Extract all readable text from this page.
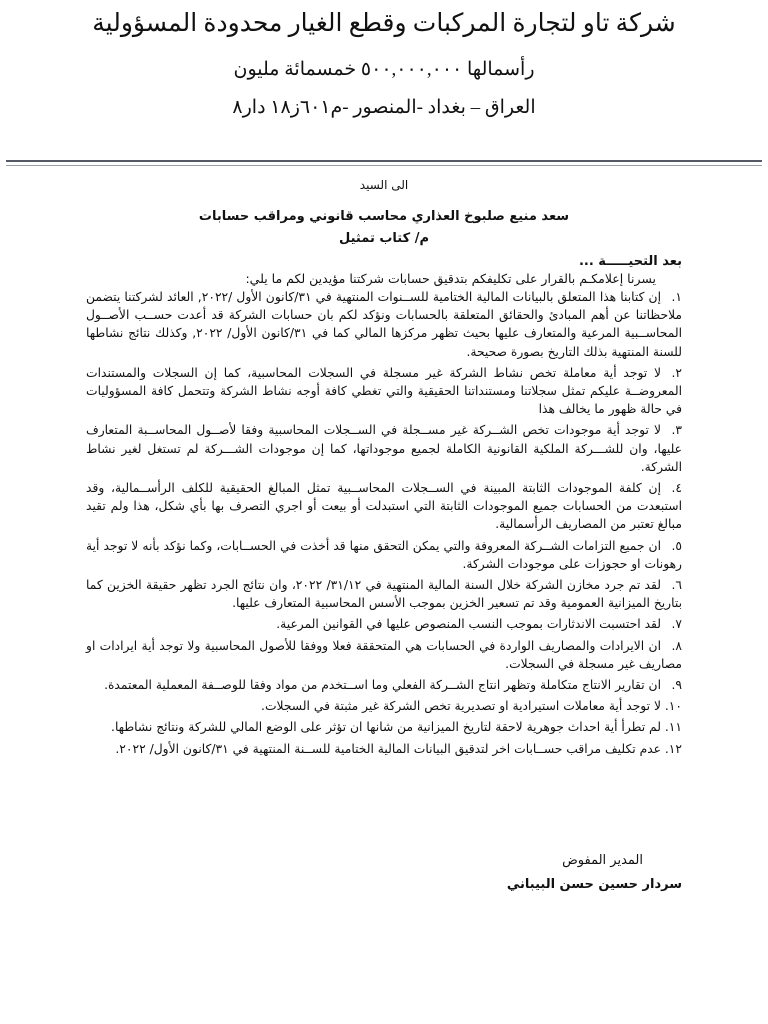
شركة تاو لتجارة المركبات وقطع الغيار محدودة المسؤولية
رأسمالها ٥٠٠,٠٠٠,٠٠٠ خمسمائة مليون
العراق – بغداد -المنصور -م٦٠١ز١٨ دار٨
الى السيد
سعد منيع صلبوخ العذاري محاسب قانوني ومراقب حسابات
م/ كتاب تمثيل
بعد التحيـــــة ...
يسرنا إعلامكـم بالقرار على تكليفكم بتدقيق حسابات شركتنا مؤيدين لكم ما يلي:
١.إن كتابنا هذا المتعلق بالبيانات المالية الختامية للســنوات المنتهية في ٣١/كانون الأول /٢٠٢٢, العائد لشركتنا يتضمن ملاحظاتنا عن أهم المبادئ والحقائق المتعلقة بالحسابات ونؤكد لكم بان حسابات الشركة قد أعدت حســب الأصــول المحاســبية المرعية والمتعارف عليها بحيث تظهر مركزها المالي كما في ٣١/كانون الأول/ ٢٠٢٢, وكذلك نتائج نشاطها للسنة المنتهية بذلك التاريخ بصورة صحيحة.
٢.لا توجد أية معاملة تخص نشاط الشركة غير مسجلة في السجلات المحاسبية، كما إن السجلات والمستندات المعروضــة عليكم تمثل سجلاتنا ومستنداتنا الحقيقية والتي تغطي كافة أوجه نشاط الشركة وتتحمل كافة المسؤوليات في حالة ظهور ما يخالف هذا
٣.لا توجد أية موجودات تخص الشــركة غير مســجلة في الســجلات المحاسبية وفقا لأصــول المحاســبة المتعارف عليها، وان للشـــركة الملكية القانونية الكاملة لجميع موجوداتها، كما إن موجودات الشـــركة لم تستغل لغير نشاط الشركة.
٤.إن كلفة الموجودات الثابتة المبينة في الســجلات المحاســبية تمثل المبالغ الحقيقية للكلف الرأســمالية، وقد استبعدت من الحسابات جميع الموجودات الثابتة التي استبدلت أو بيعت أو اجري التصرف بها بأي شكل، هذا ولم تقيد مبالغ تعتبر من المصاريف الرأسمالية.
٥.ان جميع التزامات الشــركة المعروفة والتي يمكن التحقق منها قد أخذت في الحســابات، وكما نؤكد بأنه لا توجد أية رهونات او حجوزات على موجودات الشركة.
٦.لقد تم جرد مخازن الشركة خلال السنة المالية المنتهية في ٣١/١٢/ ٢٠٢٢، وان نتائج الجرد تظهر حقيقة الخزين كما بتاريخ الميزانية العمومية وقد تم تسعير الخزين بموجب الأسس المحاسبية المتعارف عليها.
٧.لقد احتسبت الاندثارات بموجب النسب المنصوص عليها في القوانين المرعية.
٨.ان الايرادات والمصاريف الواردة في الحسابات هي المتحققة فعلا ووفقا للأصول المحاسبية ولا توجد أية ايرادات او مصاريف غير مسجلة في السجلات.
٩.ان تقارير الانتاج متكاملة وتظهر انتاج الشــركة الفعلي وما اســتخدم من مواد وفقا للوصــفة المعملية المعتمدة.
١٠.لا توجد أية معاملات استيرادية او تصديرية تخص الشركة غير مثبتة في السجلات.
١١.لم تطرأ أية احداث جوهرية لاحقة لتاريخ الميزانية من شانها ان تؤثر على الوضع المالي للشركة ونتائج نشاطها.
١٢.عدم تكليف مراقب حســابات اخر لتدقيق البيانات المالية الختامية للســنة المنتهية في ٣١/كانون الأول/ ٢٠٢٢.
المدير المفوض
سردار حسين حسن البيباني
